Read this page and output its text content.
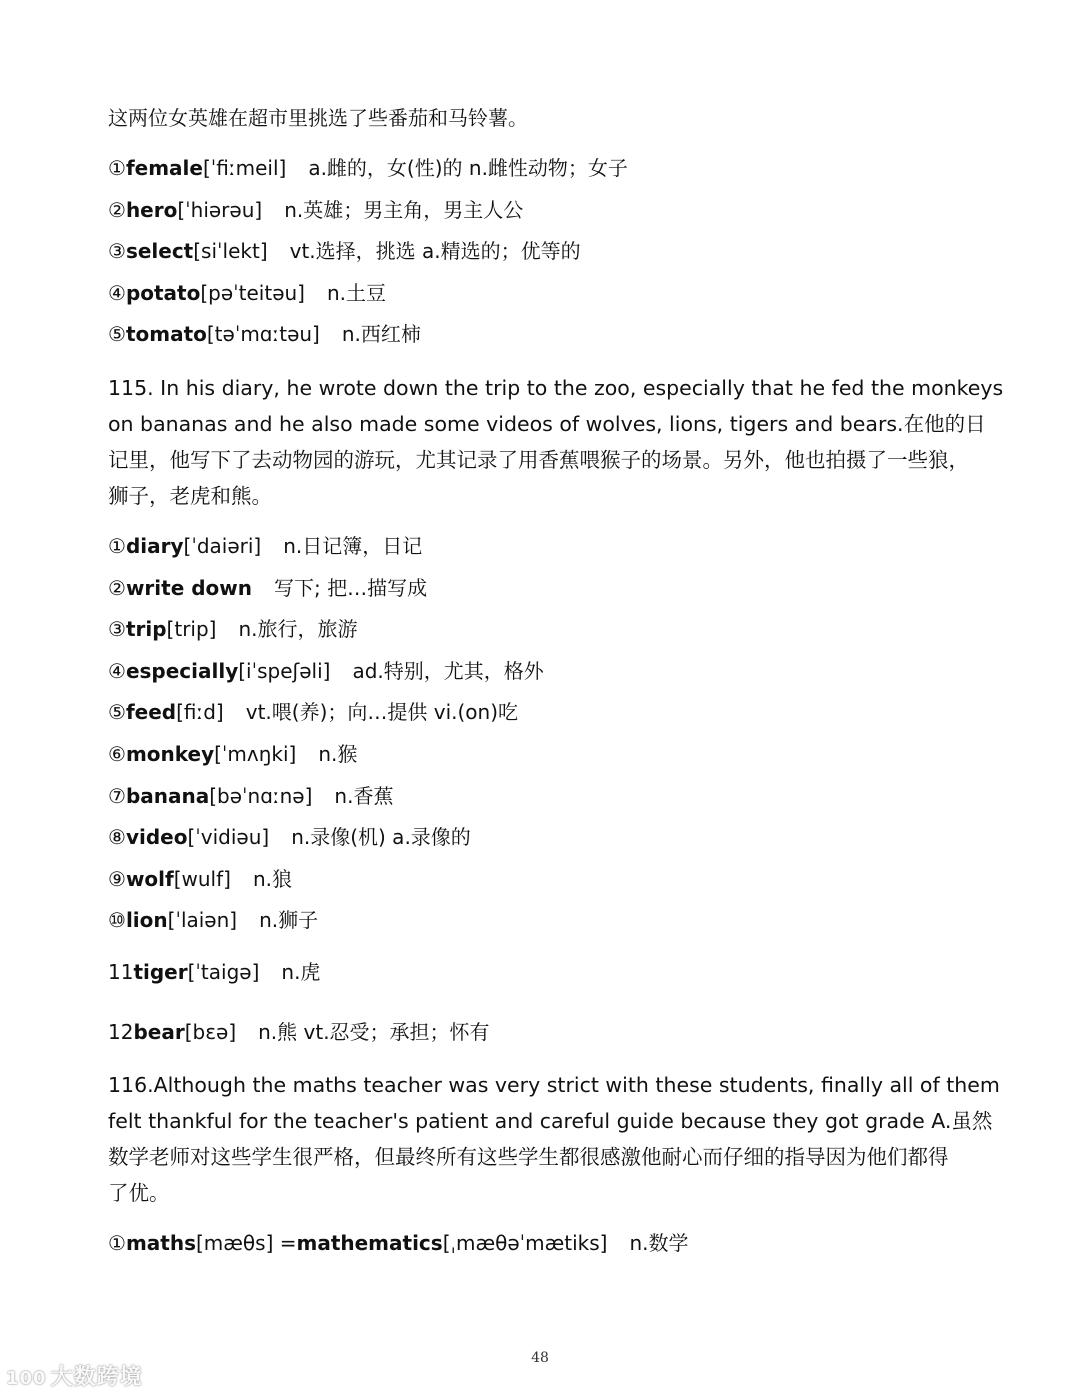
这两位女英雄在超市里挑选了些番茄和马铃薯。
①female[ˈfiːmeil] a.雌的，女(性)的 n.雌性动物；女子
②hero[ˈhiərəu] n.英雄；男主角，男主人公
③select[siˈlekt] vt.选择，挑选 a.精选的；优等的
④potato[pəˈteitəu] n.土豆
⑤tomato[təˈmɑːtəu] n.西红柿
115. In his diary, he wrote down the trip to the zoo, especially that he fed the monkeys
on bananas and he also made some videos of wolves, lions, tigers and bears.在他的日
记里，他写下了去动物园的游玩，尤其记录了用香蕉喂猴子的场景。另外，他也拍摄了一些狼，
狮子，老虎和熊。
①diary[ˈdaiəri] n.日记簿，日记
②write down 写下; 把…描写成
③trip[trip] n.旅行，旅游
④especially[iˈspeʃəli] ad.特别，尤其，格外
⑤feed[fiːd] vt.喂(养)；向…提供 vi.(on)吃
⑥monkey[ˈmʌŋki] n.猴
⑦banana[bəˈnɑːnə] n.香蕉
⑧video[ˈvidiəu] n.录像(机) a.录像的
⑨wolf[wulf] n.狼
⑩lion[ˈlaiən] n.狮子
11tiger[ˈtaigə] n.虎
12bear[bɛə] n.熊 vt.忍受；承担；怀有
116.Although the maths teacher was very strict with these students, finally all of them
felt thankful for the teacher's patient and careful guide because they got grade A.虽然
数学老师对这些学生很严格，但最终所有这些学生都很感激他耐心而仔细的指导因为他们都得
了优。
①maths[mæθs] =mathematics[ˌmæθəˈmætiks] n.数学
48
100 大数跨境
